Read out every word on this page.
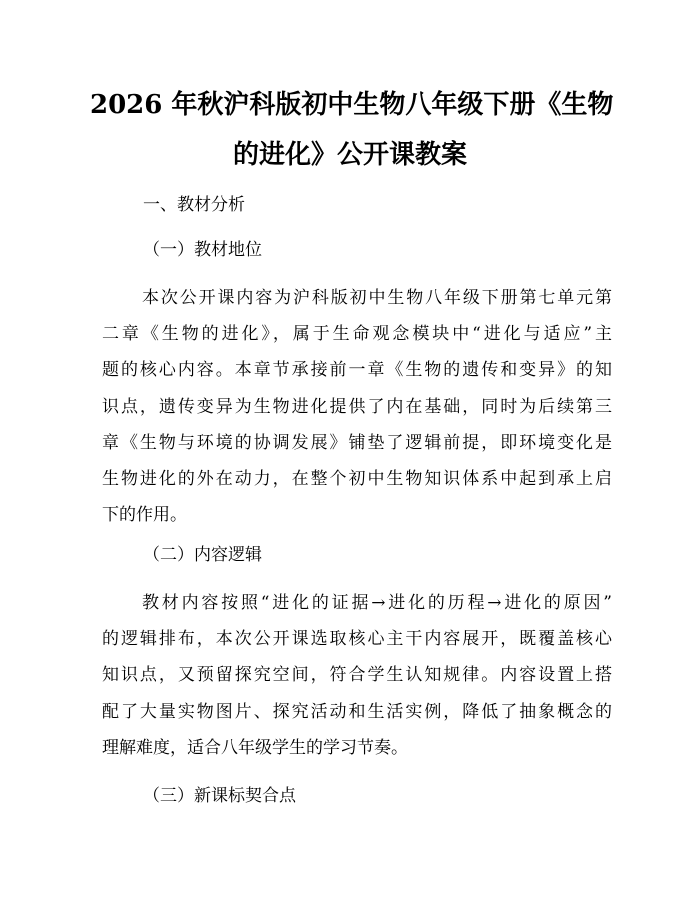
2026 年秋沪科版初中生物八年级下册《生物
的进化》公开课教案

一、教材分析

（一）教材地位

本次公开课内容为沪科版初中生物八年级下册第七单元第
二章《生物的进化》，属于生命观念模块中“进化与适应”主
题的核心内容。本章节承接前一章《生物的遗传和变异》的知
识点，遗传变异为生物进化提供了内在基础，同时为后续第三
章《生物与环境的协调发展》铺垫了逻辑前提，即环境变化是
生物进化的外在动力，在整个初中生物知识体系中起到承上启
下的作用。

（二）内容逻辑

教材内容按照“进化的证据→进化的历程→进化的原因”
的逻辑排布，本次公开课选取核心主干内容展开，既覆盖核心
知识点，又预留探究空间，符合学生认知规律。内容设置上搭
配了大量实物图片、探究活动和生活实例，降低了抽象概念的
理解难度，适合八年级学生的学习节奏。

（三）新课标契合点
